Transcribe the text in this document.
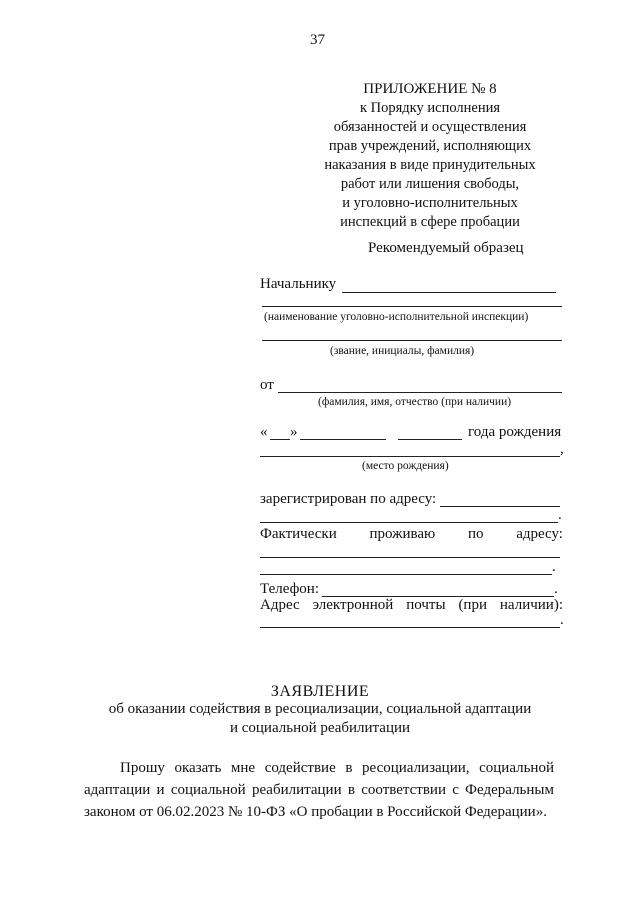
37
ПРИЛОЖЕНИЕ № 8
к Порядку исполнения
обязанностей и осуществления
прав учреждений, исполняющих
наказания в виде принудительных
работ или лишения свободы,
и уголовно-исполнительных
инспекций в сфере пробации
Рекомендуемый образец
Начальнику
(наименование уголовно-исполнительной инспекции)
(звание, инициалы, фамилия)
от
(фамилия, имя, отчество (при наличии)
« »	года рождения
,
(место рождения)
зарегистрирован по адресу:
.
Фактически проживаю по адресу:
.
Телефон:	.
Адрес электронной почты (при наличии):
.
ЗАЯВЛЕНИЕ
об оказании содействия в ресоциализации, социальной адаптации
и социальной реабилитации
Прошу оказать мне содействие в ресоциализации, социальной адаптации и социальной реабилитации в соответствии с Федеральным законом от 06.02.2023 № 10-ФЗ «О пробации в Российской Федерации».
